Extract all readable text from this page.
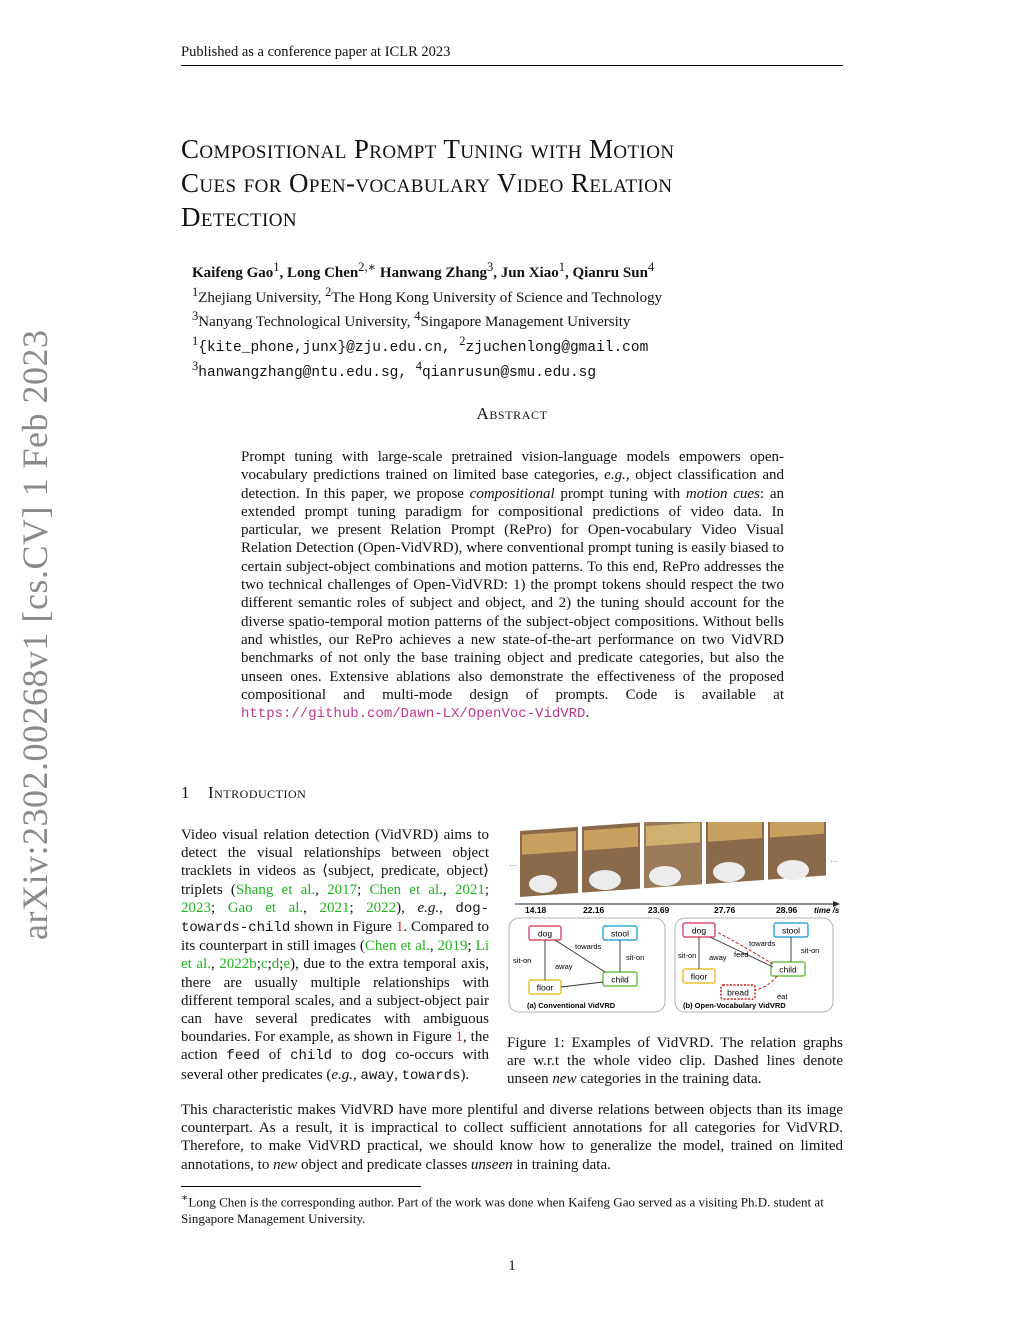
Published as a conference paper at ICLR 2023
arXiv:2302.00268v1 [cs.CV] 1 Feb 2023
Compositional Prompt Tuning with Motion
Cues for Open-vocabulary Video Relation
Detection
Kaifeng Gao$^1$, Long Chen$^{2,∗}$ Hanwang Zhang$^3$, Jun Xiao$^1$, Qianru Sun$^4$
$^1$Zhejiang University, $^2$The Hong Kong University of Science and Technology
$^3$Nanyang Technological University, $^4$Singapore Management University
$^1${kite_phone,junx}@zju.edu.cn, $^2$zjuchenlong@gmail.com
$^3$hanwangzhang@ntu.edu.sg, $^4$qianrusun@smu.edu.sg
Abstract
Prompt tuning with large-scale pretrained vision-language models empowers open-vocabulary predictions trained on limited base categories, e.g., object classification and detection. In this paper, we propose compositional prompt tuning with motion cues: an extended prompt tuning paradigm for compositional predictions of video data. In particular, we present Relation Prompt (RePro) for Open-vocabulary Video Visual Relation Detection (Open-VidVRD), where conventional prompt tuning is easily biased to certain subject-object combinations and motion patterns. To this end, RePro addresses the two technical challenges of Open-VidVRD: 1) the prompt tokens should respect the two different semantic roles of subject and object, and 2) the tuning should account for the diverse spatio-temporal motion patterns of the subject-object compositions. Without bells and whistles, our RePro achieves a new state-of-the-art performance on two VidVRD benchmarks of not only the base training object and predicate categories, but also the unseen ones. Extensive ablations also demonstrate the effectiveness of the proposed compositional and multi-mode design of prompts. Code is available at https://github.com/Dawn-LX/OpenVoc-VidVRD.
1 Introduction
Video visual relation detection (VidVRD) aims to detect the visual relationships between object tracklets in videos as ⟨subject, predicate, object⟩ triplets (Shang et al., 2017; Chen et al., 2021; 2023; Gao et al., 2021; 2022), e.g., dog-towards-child shown in Figure 1. Compared to its counterpart in still images (Chen et al., 2019; Li et al., 2022b;c;d;e), due to the extra temporal axis, there are usually multiple relationships with different temporal scales, and a subject-object pair can have several predicates with ambiguous boundaries. For example, as shown in Figure 1, the action feed of child to dog co-occurs with several other predicates (e.g., away, towards).
...	...
14.18	22.16	23.69	27.76	28.96 time /s
dog	stool
floor
child
towards
sit-on
away
sit-on
(a) Conventional VidVRD
dog	stool
floor
child
bread
towards
sit-on away feed	sit-on
eat
(b) Open-Vocabulary VidVRD
Figure 1: Examples of VidVRD. The relation graphs are w.r.t the whole video clip. Dashed lines denote unseen new categories in the training data.
This characteristic makes VidVRD have more plentiful and diverse relations between objects than its image counterpart. As a result, it is impractical to collect sufficient annotations for all categories for VidVRD. Therefore, to make VidVRD practical, we should know how to generalize the model, trained on limited annotations, to new object and predicate classes unseen in training data.
∗Long Chen is the corresponding author. Part of the work was done when Kaifeng Gao served as a visiting Ph.D. student at Singapore Management University.
1
